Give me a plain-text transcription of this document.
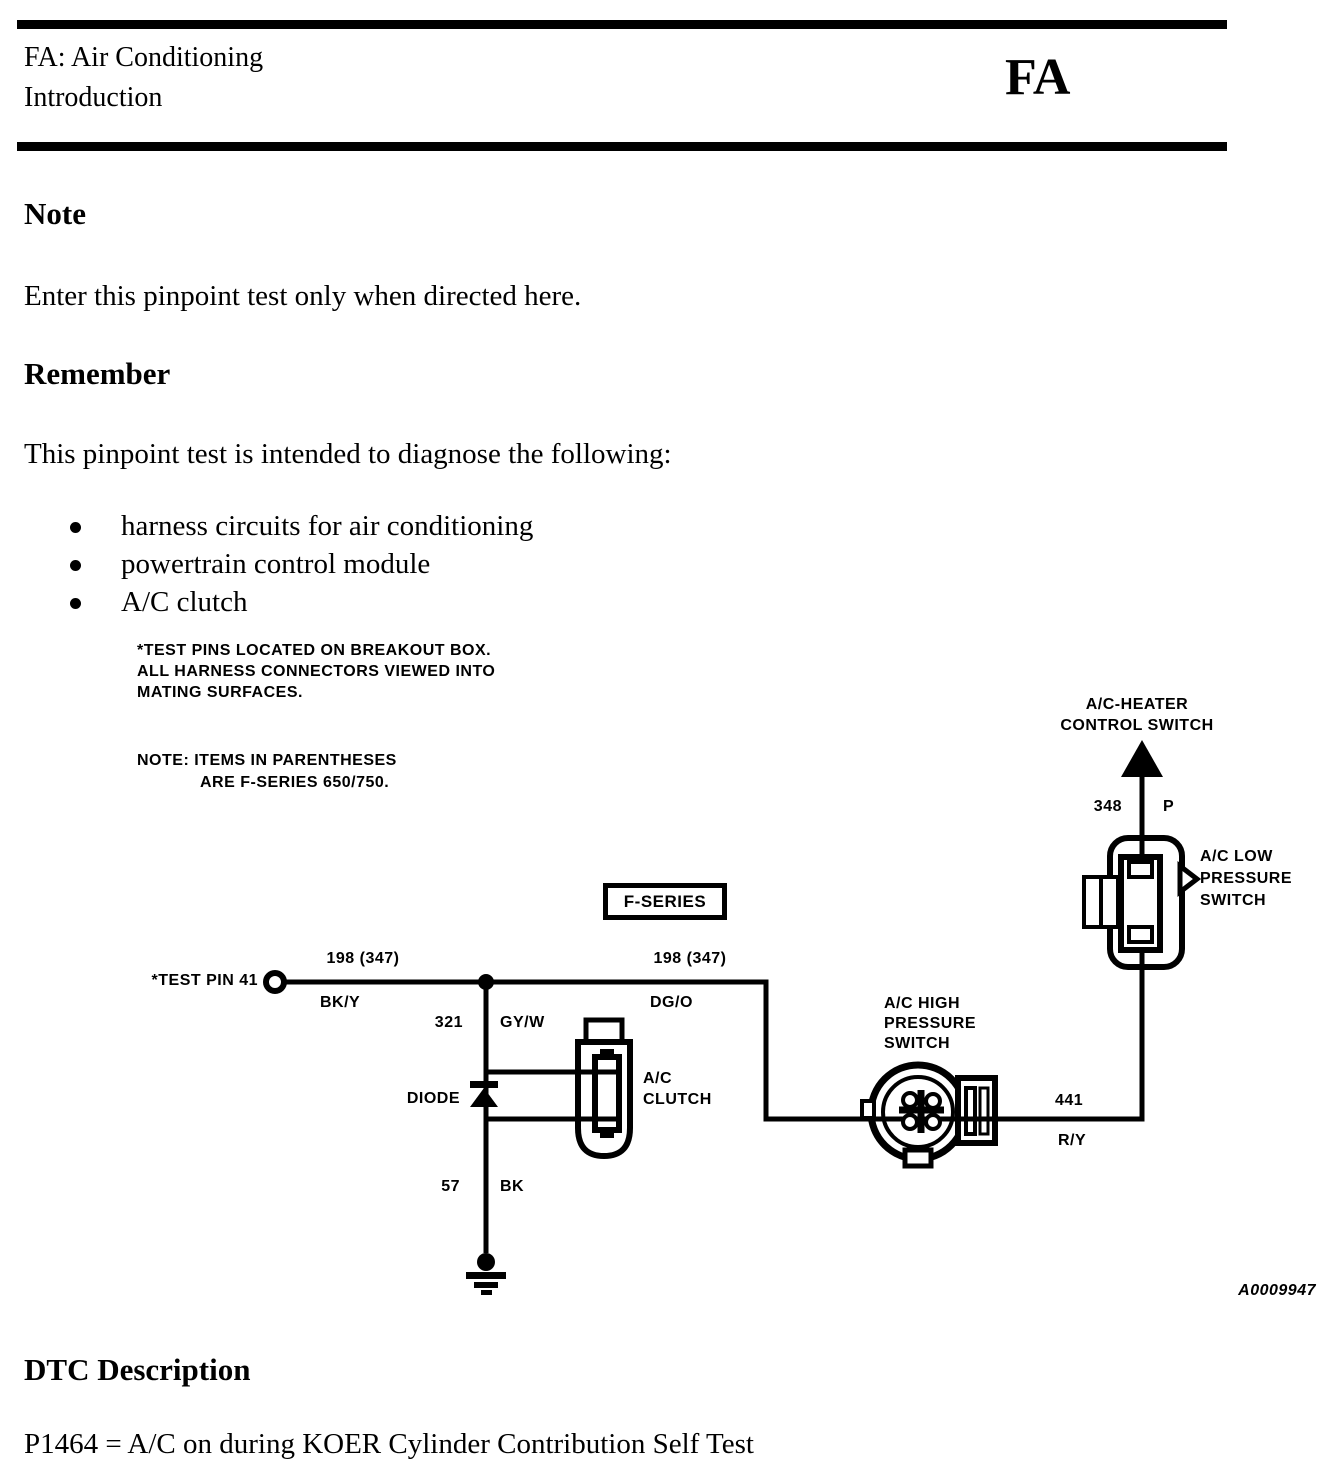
FA: Air Conditioning
Introduction	FA
Note
Enter this pinpoint test only when directed here.
Remember
This pinpoint test is intended to diagnose the following:
harness circuits for air conditioning
powertrain control module
A/C clutch
*TEST PINS LOCATED ON BREAKOUT BOX.
ALL HARNESS CONNECTORS VIEWED INTO
MATING SURFACES.
NOTE: ITEMS IN PARENTHESES
ARE F-SERIES 650/750.
A/C-HEATER
CONTROL SWITCH
348	P
A/C LOW
PRESSURE
SWITCH
F-SERIES
*TEST PIN 41
198 (347)
BK/Y
198 (347)
DG/O
321 GY/W
DIODE
A/C
CLUTCH
A/C HIGH
PRESSURE
SWITCH
441
R/Y
57	BK
A0009947
DTC Description
P1464 = A/C on during KOER Cylinder Contribution Self Test
